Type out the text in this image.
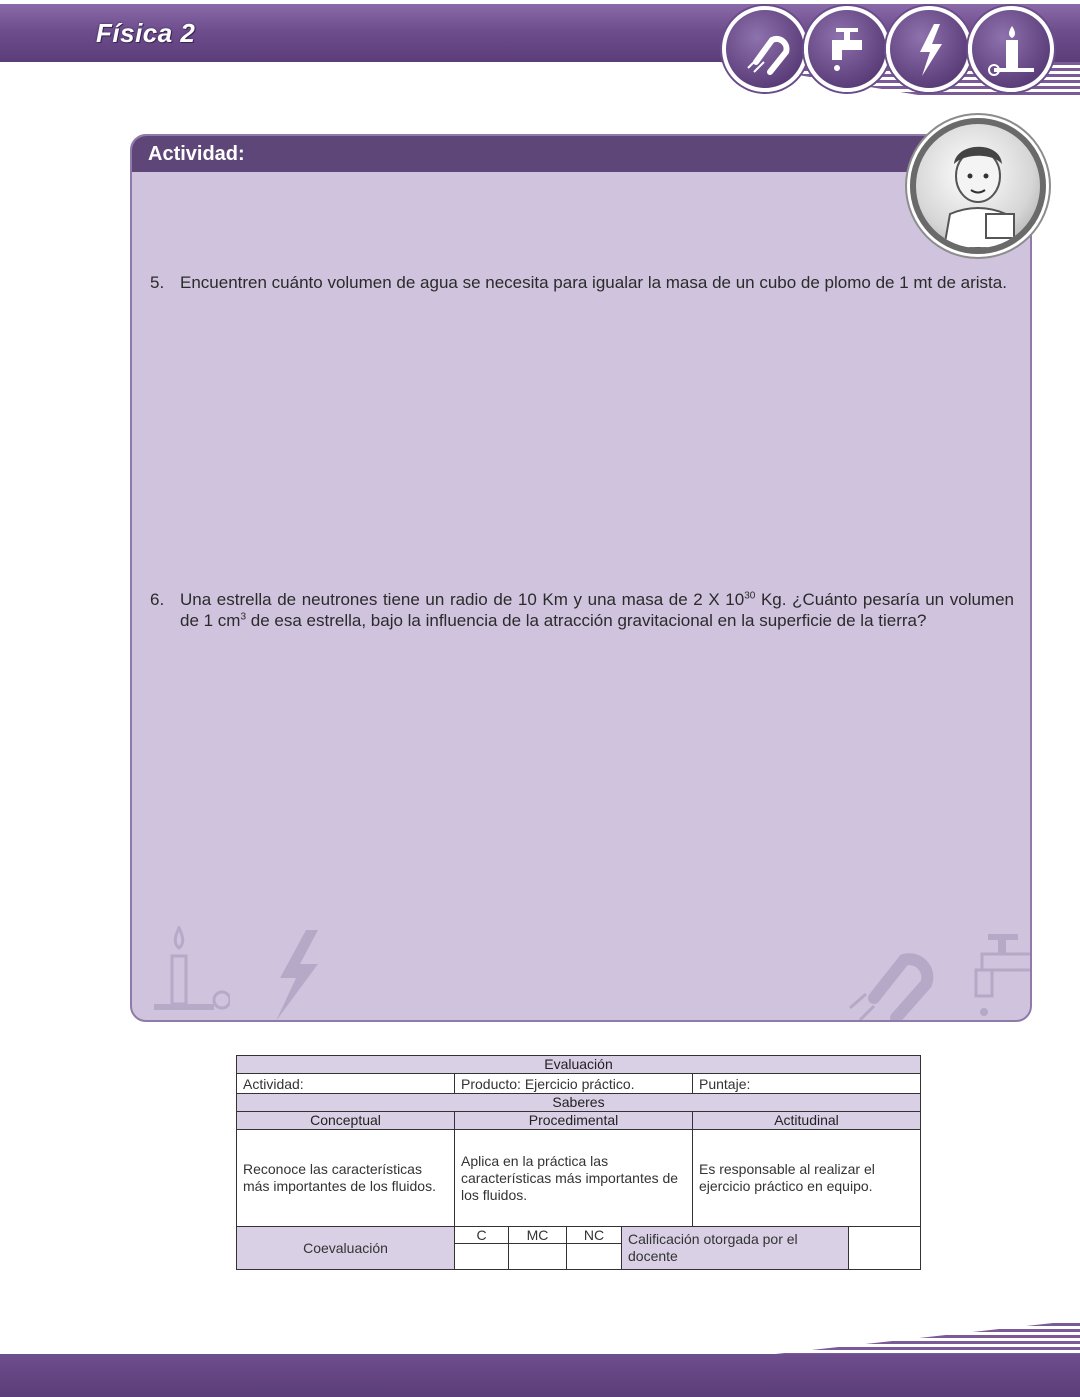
Física 2
Actividad:
5. Encuentren cuánto volumen de agua se necesita para igualar la masa de un cubo de plomo de 1 mt de arista.
6. Una estrella de neutrones tiene un radio de 10 Km y una masa de 2 X $10^{30}$ Kg. ¿Cuánto pesaría un volumen de 1 $cm^3$ de esa estrella, bajo la influencia de la atracción gravitacional en la superficie de la tierra?
Evaluación						
Actividad:	Producto: Ejercicio práctico.				Puntaje:	
Saberes						
Conceptual	Procedimental				Actitudinal	
Reconoce las características más importantes de los fluidos.	Aplica en la práctica las características más importantes de los fluidos.				Es responsable al realizar el ejercicio práctico en equipo.	
Coevaluación	C	MC	NC	Calificación otorgada por el docente		
